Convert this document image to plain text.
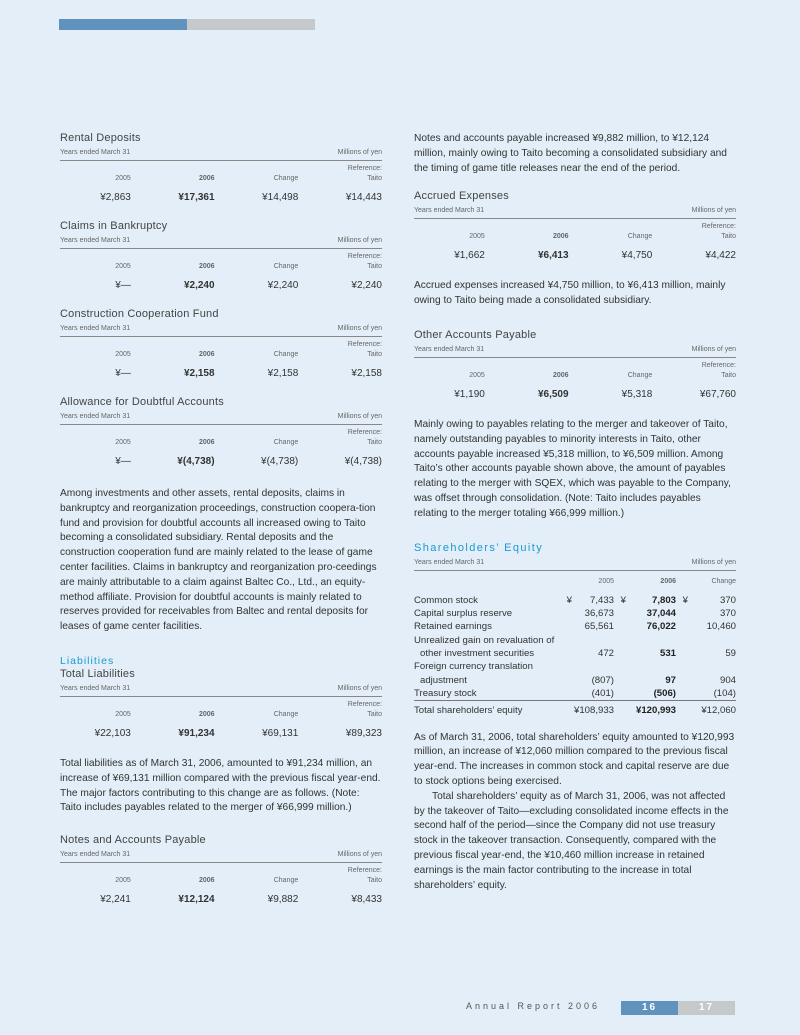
Rental Deposits
Years ended March 31	Millions of yen
2005	2006	Change	Reference:
Taito
¥2,863	¥17,361	¥14,498	¥14,443
Claims in Bankruptcy
Years ended March 31	Millions of yen
2005	2006	Change	Reference:
Taito
¥—	¥2,240	¥2,240	¥2,240
Construction Cooperation Fund
Years ended March 31	Millions of yen
2005	2006	Change	Reference:
Taito
¥—	¥2,158	¥2,158	¥2,158
Allowance for Doubtful Accounts
Years ended March 31	Millions of yen
2005	2006	Change	Reference:
Taito
¥—	¥(4,738)	¥(4,738)	¥(4,738)

Among investments and other assets, rental deposits, claims in bankruptcy and reorganization proceedings, construction coopera-tion fund and provision for doubtful accounts all increased owing to Taito becoming a consolidated subsidiary. Rental deposits and the construction cooperation fund are mainly related to the lease of game center facilities. Claims in bankruptcy and reorganization pro-ceedings are mainly attributable to a claim against Baltec Co., Ltd., an equity-method affiliate. Provision for doubtful accounts is mainly related to reserves provided for receivables from Baltec and rental deposits for leases of game center facilities.

Liabilities
Total Liabilities
Years ended March 31	Millions of yen
2005	2006	Change	Reference:
Taito
¥22,103	¥91,234	¥69,131	¥89,323

Total liabilities as of March 31, 2006, amounted to ¥91,234 million, an increase of ¥69,131 million compared with the previous fiscal year-end. The major factors contributing to this change are as follows. (Note: Taito includes payables related to the merger of ¥66,999 million.)

Notes and Accounts Payable
Years ended March 31	Millions of yen
2005	2006	Change	Reference:
Taito
¥2,241	¥12,124	¥9,882	¥8,433

Notes and accounts payable increased ¥9,882 million, to ¥12,124 million, mainly owing to Taito becoming a consolidated subsidiary and the timing of game title releases near the end of the period.

Accrued Expenses
Years ended March 31	Millions of yen
2005	2006	Change	Reference:
Taito
¥1,662	¥6,413	¥4,750	¥4,422

Accrued expenses increased ¥4,750 million, to ¥6,413 million, mainly owing to Taito being made a consolidated subsidiary.

Other Accounts Payable
Years ended March 31	Millions of yen
2005	2006	Change	Reference:
Taito
¥1,190	¥6,509	¥5,318	¥67,760

Mainly owing to payables relating to the merger and takeover of Taito, namely outstanding payables to minority interests in Taito, other accounts payable increased ¥5,318 million, to ¥6,509 million. Among Taito’s other accounts payable shown above, the amount of payables relating to the merger with SQEX, which was payable to the Company, was offset through consolidation. (Note: Taito includes payables relating to the merger totaling ¥66,999 million.)

Shareholders’ Equity
Years ended March 31	Millions of yen
		2005		2006		Change
Common stock	¥	7,433	¥	7,803	¥	370
Capital surplus reserve		36,673		37,044		370
Retained earnings		65,561		76,022		10,460
Unrealized gain on revaluation of						
other investment securities		472		531		59
Foreign currency translation						
adjustment		(807)		97		904
Treasury stock		(401)		(506)		(104)
Total shareholders’ equity		¥108,933		¥120,993		¥12,060

As of March 31, 2006, total shareholders’ equity amounted to ¥120,993 million, an increase of ¥12,060 million compared to the previous fiscal year-end. The increases in common stock and capital reserve are due to stock options being exercised.

Total shareholders’ equity as of March 31, 2006, was not affected by the takeover of Taito—excluding consolidated income effects in the second half of the period—since the Company did not use treasury stock in the takeover transaction. Consequently, compared with the previous fiscal year-end, the ¥10,460 million increase in retained earnings is the main factor contributing to the increase in total shareholders’ equity.

Annual Report 2006	16	17
